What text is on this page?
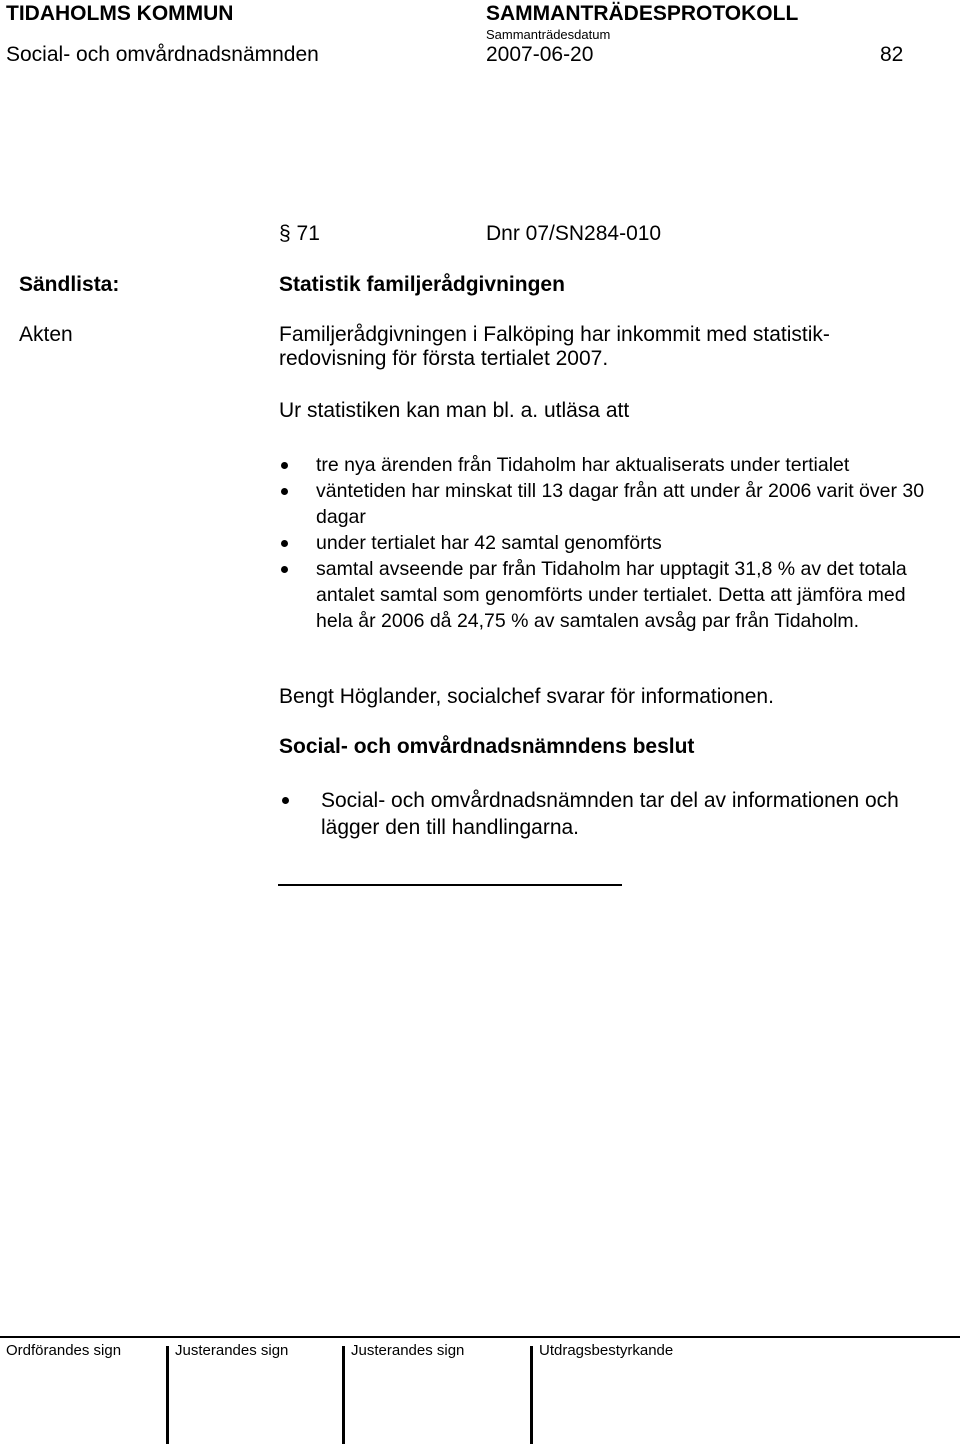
TIDAHOLMS KOMMUN	SAMMANTRÄDESPROTOKOLL
Sammanträdesdatum
Social- och omvårdnadsnämnden	2007-06-20	82
§ 71	Dnr 07/SN284-010
Sändlista:	Statistik familjerådgivningen
Akten	Familjerådgivningen i Falköping har inkommit med statistik-
redovisning för första tertialet 2007.
Ur statistiken kan man bl. a. utläsa att
tre nya ärenden från Tidaholm har aktualiserats under tertialet
väntetiden har minskat till 13 dagar från att under år 2006 varit över 30 dagar
under tertialet har 42 samtal genomförts
samtal avseende par från Tidaholm har upptagit 31,8 % av det totala antalet samtal som genomförts under tertialet. Detta att jämföra med hela år 2006 då 24,75 % av samtalen avsåg par från Tidaholm.
Bengt Höglander, socialchef svarar för informationen.
Social- och omvårdnadsnämndens beslut
Social- och omvårdnadsnämnden tar del av informationen och lägger den till handlingarna.
Ordförandes sign	Justerandes sign	Justerandes sign	Utdragsbestyrkande
